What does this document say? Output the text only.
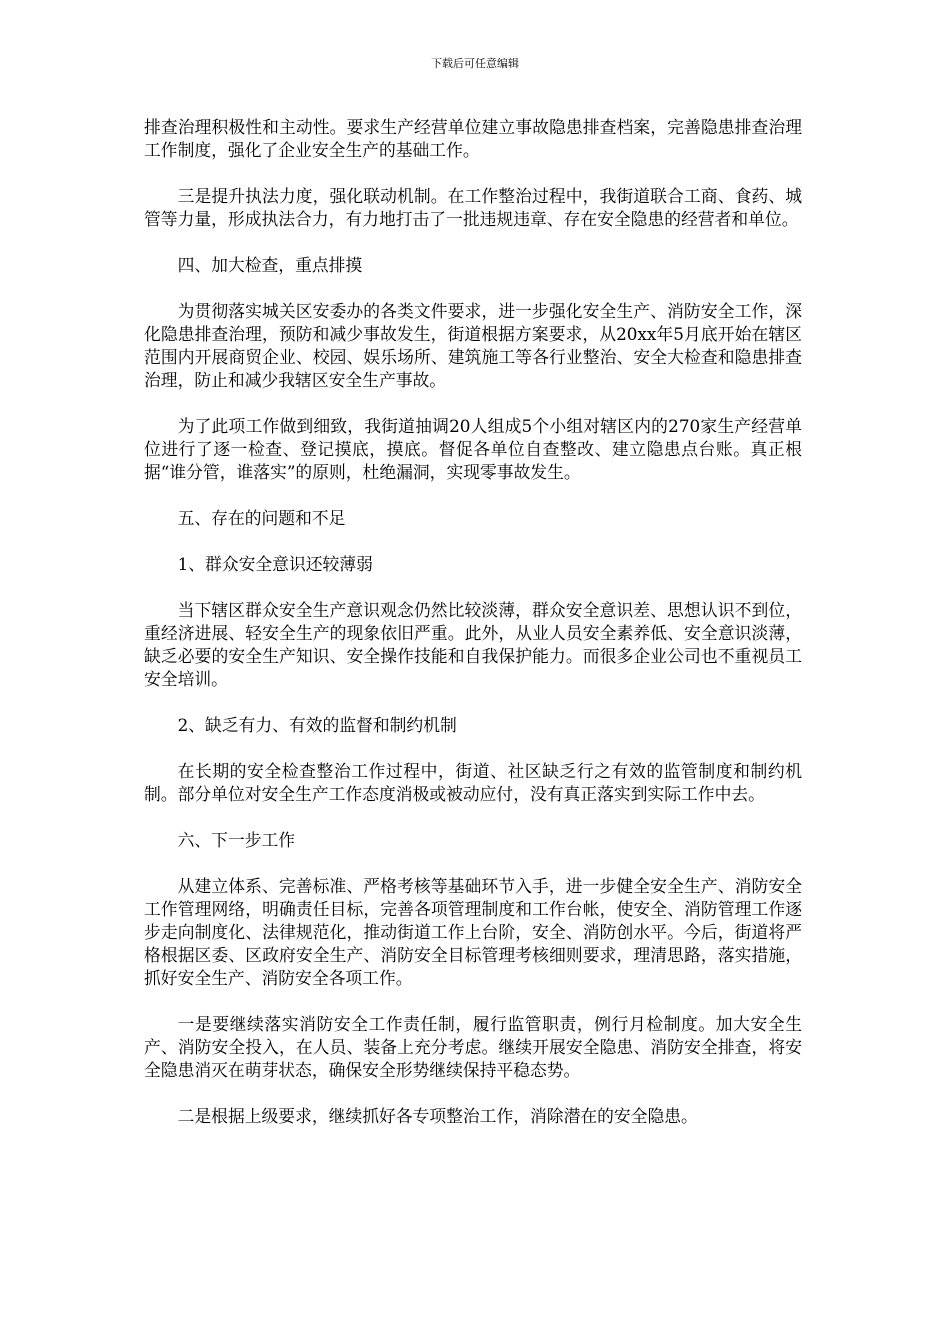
下载后可任意编辑

排查治理积极性和主动性。要求生产经营单位建立事故隐患排查档案，完善隐患排查治理工作制度，强化了企业安全生产的基础工作。

三是提升执法力度，强化联动机制。在工作整治过程中，我街道联合工商、食药、城管等力量，形成执法合力，有力地打击了一批违规违章、存在安全隐患的经营者和单位。

四、加大检查，重点排摸

为贯彻落实城关区安委办的各类文件要求，进一步强化安全生产、消防安全工作，深化隐患排查治理，预防和减少事故发生，街道根据方案要求，从20xx年5月底开始在辖区范围内开展商贸企业、校园、娱乐场所、建筑施工等各行业整治、安全大检查和隐患排查治理，防止和减少我辖区安全生产事故。

为了此项工作做到细致，我街道抽调20人组成5个小组对辖区内的270家生产经营单位进行了逐一检查、登记摸底，摸底。督促各单位自查整改、建立隐患点台账。真正根据“谁分管，谁落实”的原则，杜绝漏洞，实现零事故发生。

五、存在的问题和不足

1、群众安全意识还较薄弱

当下辖区群众安全生产意识观念仍然比较淡薄，群众安全意识差、思想认识不到位，重经济进展、轻安全生产的现象依旧严重。此外，从业人员安全素养低、安全意识淡薄，缺乏必要的安全生产知识、安全操作技能和自我保护能力。而很多企业公司也不重视员工安全培训。

2、缺乏有力、有效的监督和制约机制

在长期的安全检查整治工作过程中，街道、社区缺乏行之有效的监管制度和制约机制。部分单位对安全生产工作态度消极或被动应付，没有真正落实到实际工作中去。

六、下一步工作

从建立体系、完善标准、严格考核等基础环节入手，进一步健全安全生产、消防安全工作管理网络，明确责任目标，完善各项管理制度和工作台帐，使安全、消防管理工作逐步走向制度化、法律规范化，推动街道工作上台阶，安全、消防创水平。今后，街道将严格根据区委、区政府安全生产、消防安全目标管理考核细则要求，理清思路，落实措施，抓好安全生产、消防安全各项工作。

一是要继续落实消防安全工作责任制，履行监管职责，例行月检制度。加大安全生产、消防安全投入，在人员、装备上充分考虑。继续开展安全隐患、消防安全排查，将安全隐患消灭在萌芽状态，确保安全形势继续保持平稳态势。

二是根据上级要求，继续抓好各专项整治工作，消除潜在的安全隐患。
